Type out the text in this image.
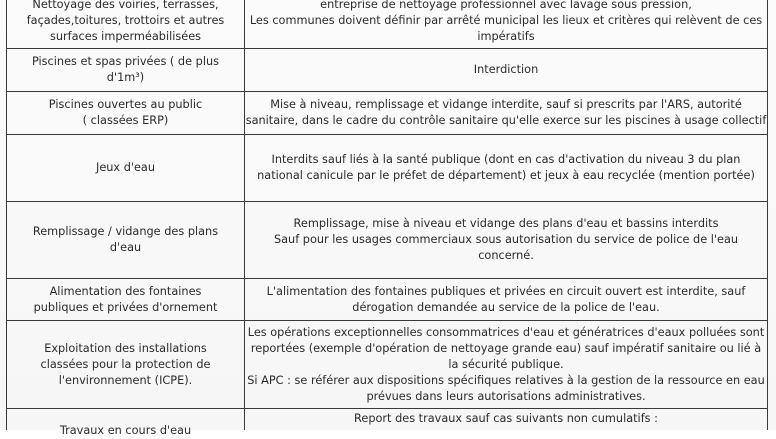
Nettoyage des voiries, terrasses,
façades,toitures, trottoirs et autres
surfaces imperméabilisées
entreprise de nettoyage professionnel avec lavage sous pression,
Les communes doivent définir par arrêté municipal les lieux et critères qui relèvent de ces
impératifs
Piscines et spas privées ( de plus
d'1m³)
Interdiction
Piscines ouvertes au public
( classées ERP)
Mise à niveau, remplissage et vidange interdite, sauf si prescrits par l'ARS, autorité
sanitaire, dans le cadre du contrôle sanitaire qu'elle exerce sur les piscines à usage collectif
Jeux d'eau
Interdits sauf liés à la santé publique (dont en cas d'activation du niveau 3 du plan
national canicule par le préfet de département) et jeux à eau recyclée (mention portée)
Remplissage / vidange des plans
d'eau
Remplissage, mise à niveau et vidange des plans d'eau et bassins interdits
Sauf pour les usages commerciaux sous autorisation du service de police de l'eau
concerné.
Alimentation des fontaines
publiques et privées d'ornement
L'alimentation des fontaines publiques et privées en circuit ouvert est interdite, sauf
dérogation demandée au service de la police de l'eau.
Exploitation des installations
classées pour la protection de
l'environnement (ICPE).
Les opérations exceptionnelles consommatrices d'eau et génératrices d'eaux polluées sont
reportées (exemple d'opération de nettoyage grande eau) sauf impératif sanitaire ou lié à
la sécurité publique.
Si APC : se référer aux dispositions spécifiques relatives à la gestion de la ressource en eau
prévues dans leurs autorisations administratives.
Travaux en cours d'eau
Report des travaux sauf cas suivants non cumulatifs :
